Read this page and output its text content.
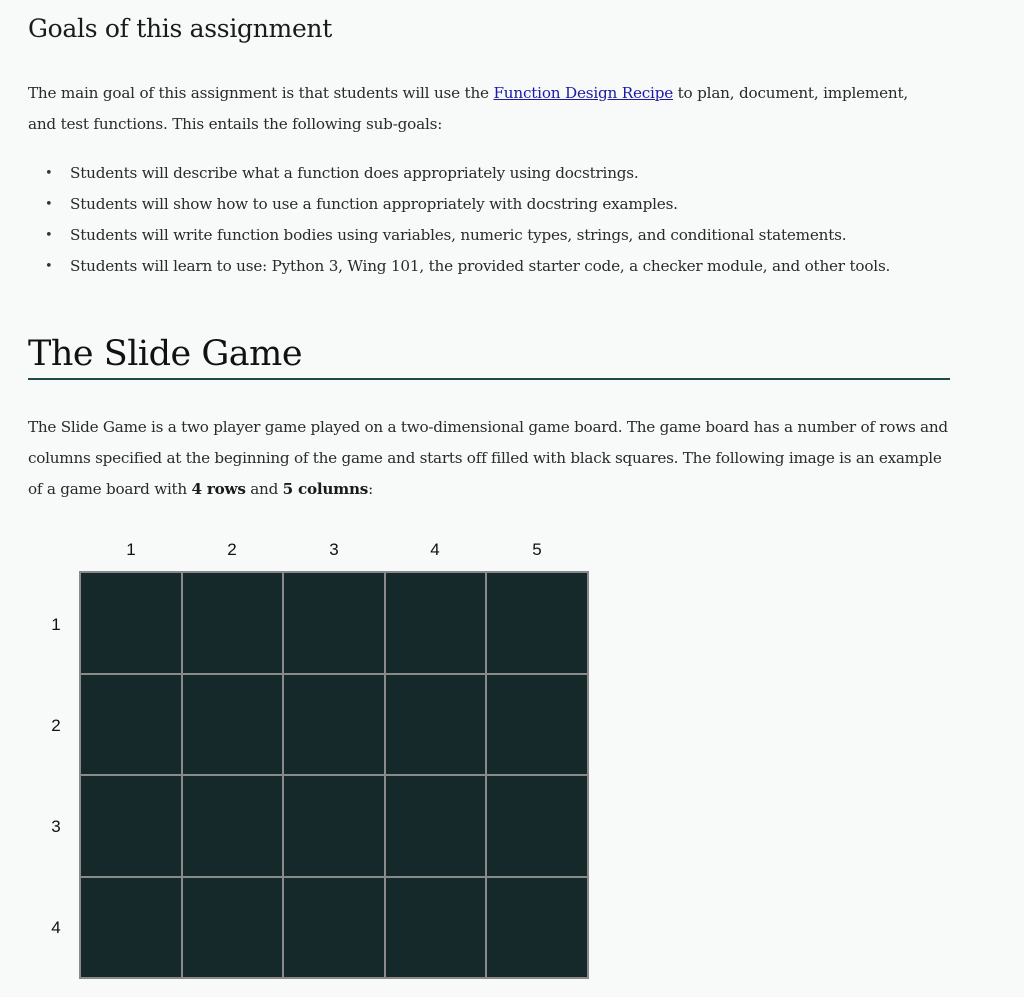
Goals of this assignment

The main goal of this assignment is that students will use the Function Design Recipe to plan, document, implement, and test functions. This entails the following sub-goals:

• Students will describe what a function does appropriately using docstrings.
• Students will show how to use a function appropriately with docstring examples.
• Students will write function bodies using variables, numeric types, strings, and conditional statements.
• Students will learn to use: Python 3, Wing 101, the provided starter code, a checker module, and other tools.
The Slide Game

The Slide Game is a two player game played on a two-dimensional game board. The game board has a number of rows and columns specified at the beginning of the game and starts off filled with black squares. The following image is an example of a game board with 4 rows and 5 columns:

1	2	3	4	5
1
2
3
4
